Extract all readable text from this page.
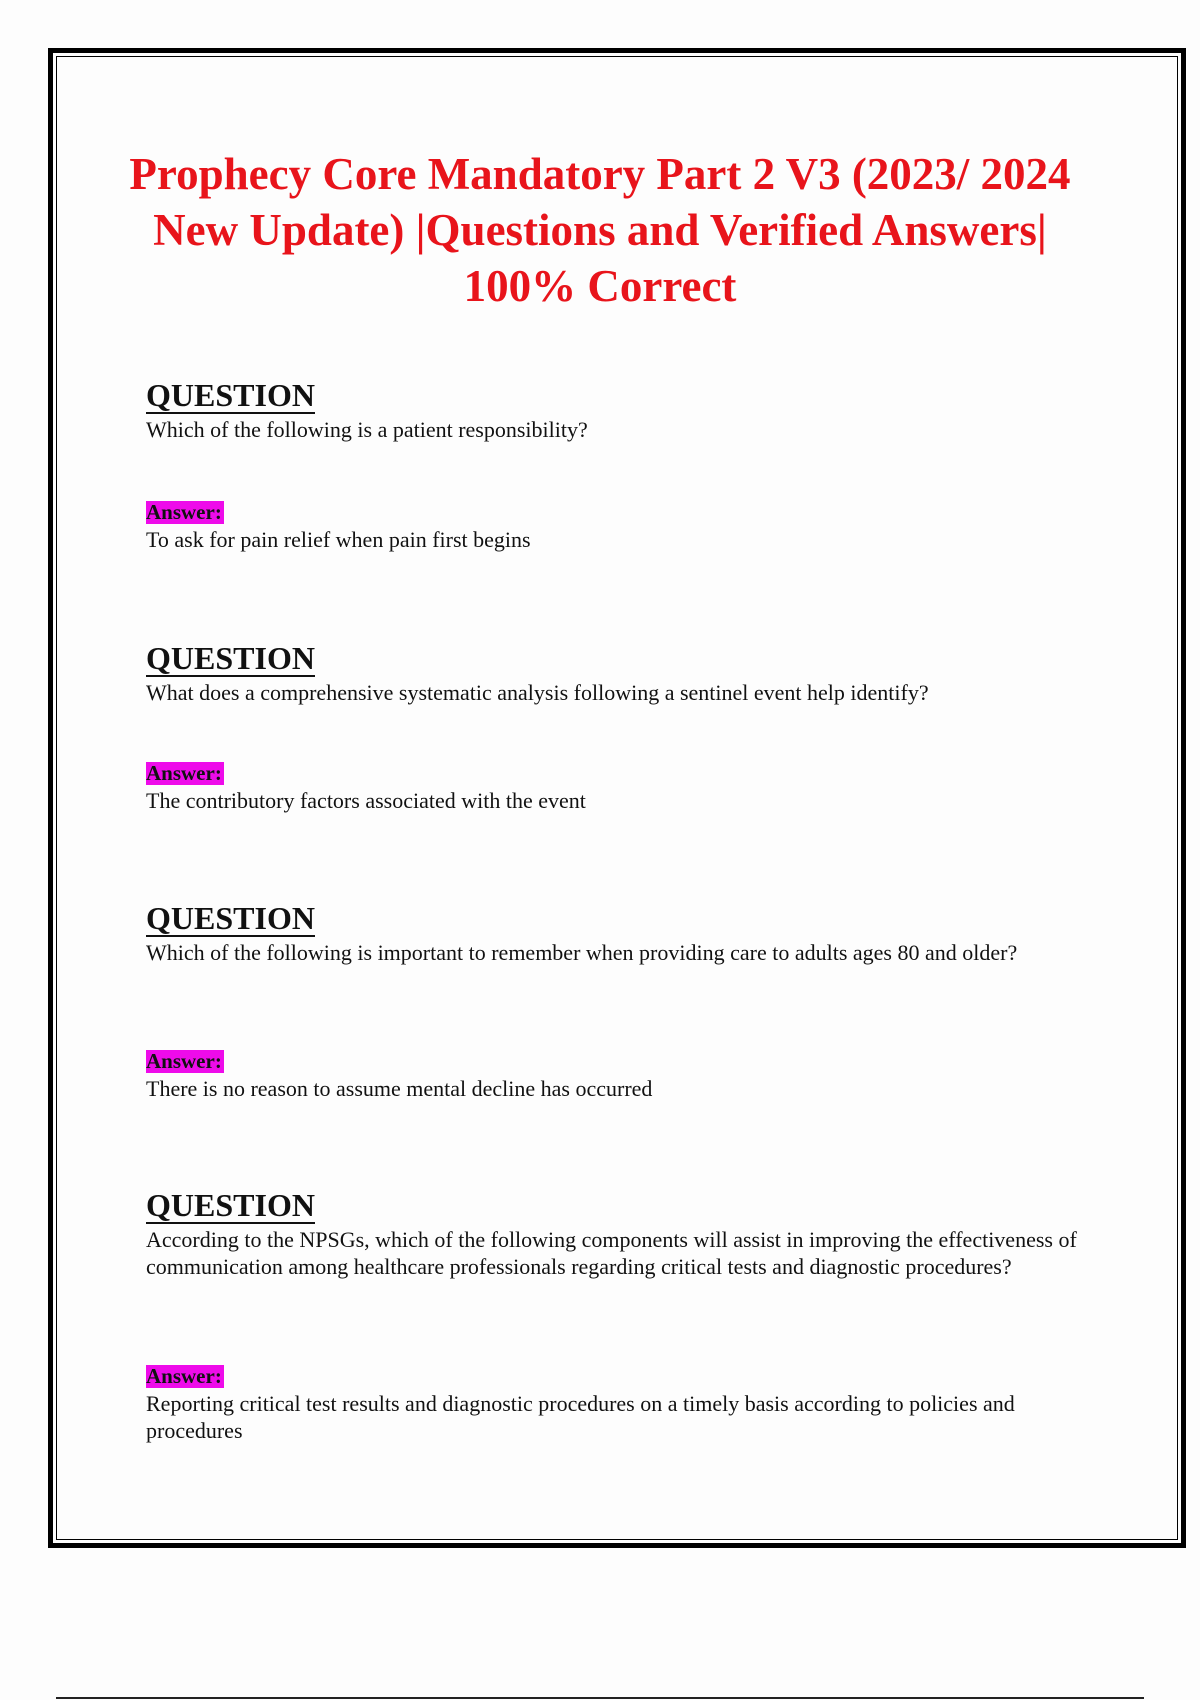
Prophecy Core Mandatory Part 2 V3 (2023/ 2024 New Update) |Questions and Verified Answers| 100% Correct
QUESTION
Which of the following is a patient responsibility?
Answer:
To ask for pain relief when pain first begins
QUESTION
What does a comprehensive systematic analysis following a sentinel event help identify?
Answer:
The contributory factors associated with the event
QUESTION
Which of the following is important to remember when providing care to adults ages 80 and older?
Answer:
There is no reason to assume mental decline has occurred
QUESTION
According to the NPSGs, which of the following components will assist in improving the effectiveness of communication among healthcare professionals regarding critical tests and diagnostic procedures?
Answer:
Reporting critical test results and diagnostic procedures on a timely basis according to policies and procedures
